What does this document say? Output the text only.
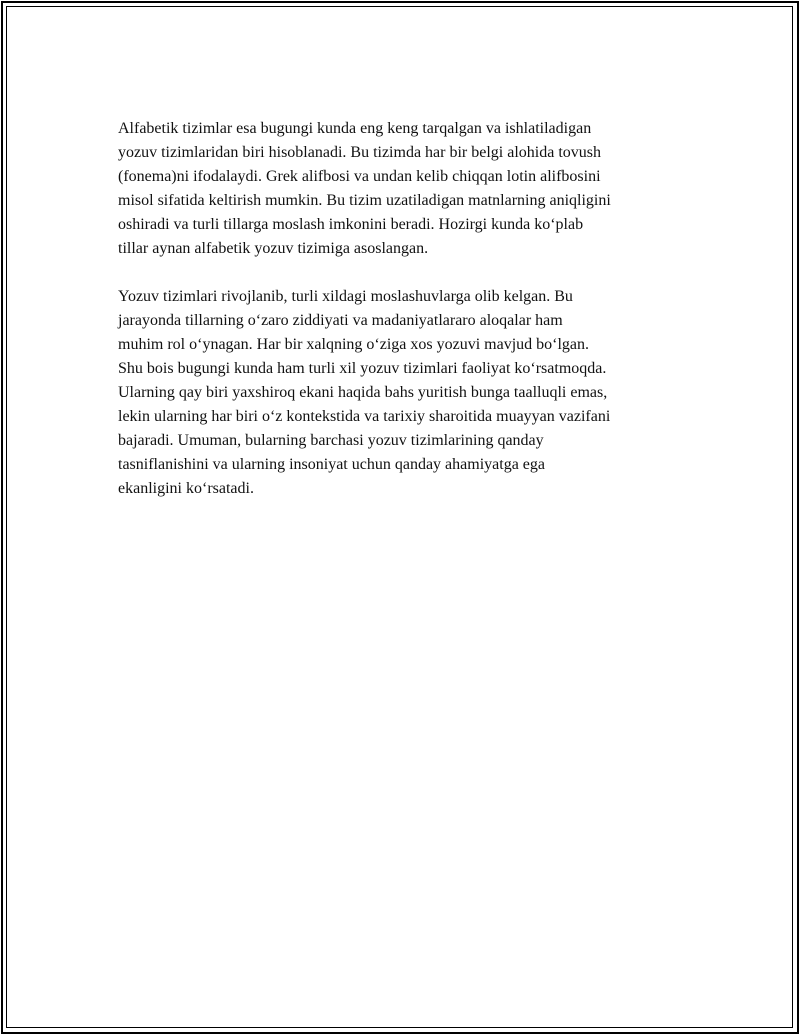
Alfabetik tizimlar esa bugungi kunda eng keng tarqalgan va ishlatiladigan
yozuv tizimlaridan biri hisoblanadi. Bu tizimda har bir belgi alohida tovush
(fonema)ni ifodalaydi. Grek alifbosi va undan kelib chiqqan lotin alifbosini
misol sifatida keltirish mumkin. Bu tizim uzatiladigan matnlarning aniqligini
oshiradi va turli tillarga moslash imkonini beradi. Hozirgi kunda ko‘plab
tillar aynan alfabetik yozuv tizimiga asoslangan.

Yozuv tizimlari rivojlanib, turli xildagi moslashuvlarga olib kelgan. Bu
jarayonda tillarning o‘zaro ziddiyati va madaniyatlararo aloqalar ham
muhim rol o‘ynagan. Har bir xalqning o‘ziga xos yozuvi mavjud bo‘lgan.
Shu bois bugungi kunda ham turli xil yozuv tizimlari faoliyat ko‘rsatmoqda.
Ularning qay biri yaxshiroq ekani haqida bahs yuritish bunga taalluqli emas,
lekin ularning har biri o‘z kontekstida va tarixiy sharoitida muayyan vazifani
bajaradi. Umuman, bularning barchasi yozuv tizimlarining qanday
tasniflanishini va ularning insoniyat uchun qanday ahamiyatga ega
ekanligini ko‘rsatadi.
